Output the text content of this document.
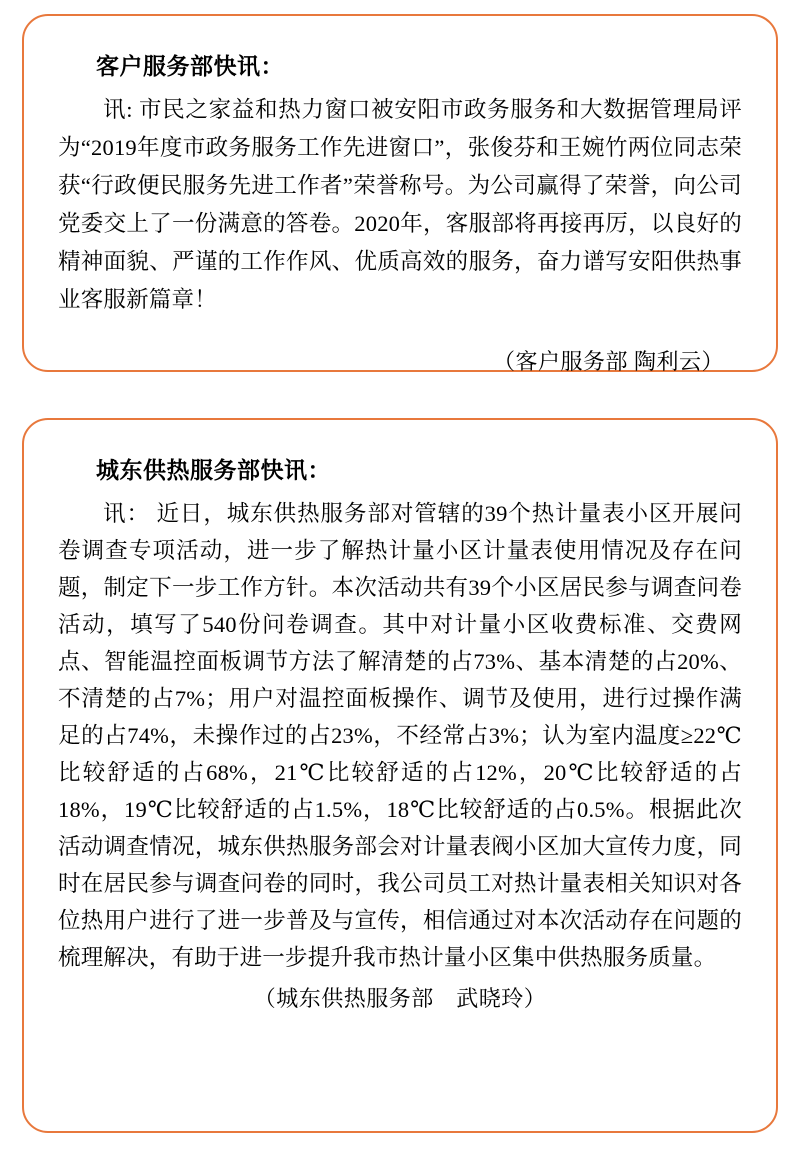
客户服务部快讯：

讯: 市民之家益和热力窗口被安阳市政务服务和大数据管理局评为“2019年度市政务服务工作先进窗口”，张俊芬和王婉竹两位同志荣获“行政便民服务先进工作者”荣誉称号。为公司赢得了荣誉，向公司党委交上了一份满意的答卷。2020年，客服部将再接再厉，以良好的精神面貌、严谨的工作作风、优质高效的服务，奋力谱写安阳供热事业客服新篇章！

（客户服务部 陶利云）
城东供热服务部快讯：

讯： 近日，城东供热服务部对管辖的39个热计量表小区开展问卷调查专项活动，进一步了解热计量小区计量表使用情况及存在问题，制定下一步工作方针。本次活动共有39个小区居民参与调查问卷活动，填写了540份问卷调查。其中对计量小区收费标准、交费网点、智能温控面板调节方法了解清楚的占73%、基本清楚的占20%、不清楚的占7%；用户对温控面板操作、调节及使用，进行过操作满足的占74%，未操作过的占23%，不经常占3%；认为室内温度≥22℃比较舒适的占68%，21℃比较舒适的占12%，20℃比较舒适的占18%，19℃比较舒适的占1.5%，18℃比较舒适的占0.5%。根据此次活动调查情况，城东供热服务部会对计量表阀小区加大宣传力度，同时在居民参与调查问卷的同时，我公司员工对热计量表相关知识对各位热用户进行了进一步普及与宣传，相信通过对本次活动存在问题的梳理解决，有助于进一步提升我市热计量小区集中供热服务质量。

（城东供热服务部　武晓玲）
